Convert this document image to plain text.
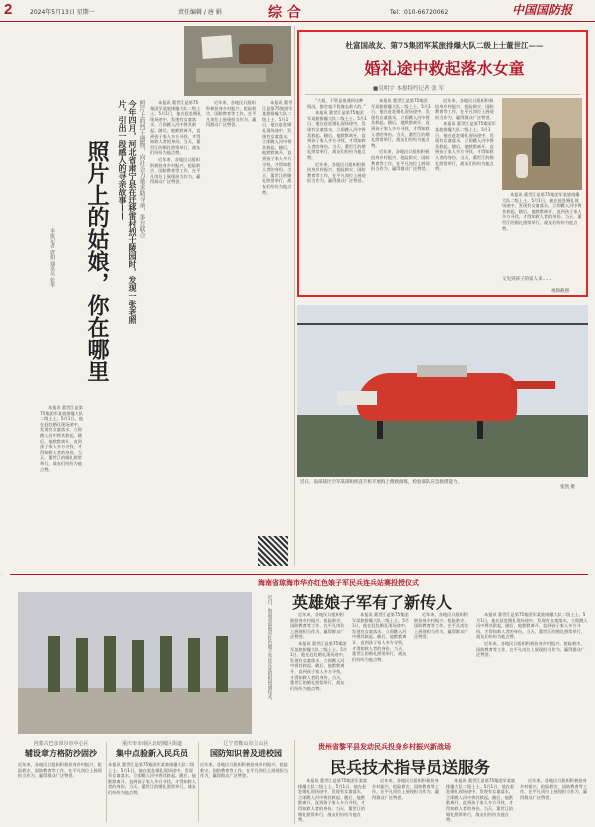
2	2024年5月13日 星期一	责任编辑 / 唐 娟	综 合	Tel：010-66720062	中国国防报
照片上的姑娘，你在哪里
今年四月，河北省肃宁县在迁移雷村烈士陵园时，发现一张老照片，引出一段感人的寻亲故事——	照片上的烈士遗物，向社会力量求助寻亲，多方联合
本报记者 唐娟 通讯员 张华

本报讯 董世江是第75集团军某旅排爆大队二级上士。5月1日，他在赶赴婚礼现场途中，发现有女童落水，立即跳入河中将其救起。随后，他默默离开，直到孩子家人多方寻找，才得知救人者的身份。当天，董世江的婚礼照常举行，战友们纷纷为他点赞。

本报讯 董世江是第75集团军某旅排爆大队二级上士。5月1日，他在赶赴婚礼现场途中，发现有女童落水，立即跳入河中将其救起。随后，他默默离开，直到孩子家人多方寻找，才得知救人者的身份。当天，董世江的婚礼照常举行，战友们纷纷为他点赞。

近年来，各地民兵组织积极投身乡村振兴、抢险救灾、国防教育等工作，在平凡岗位上展现担当作为，赢得群众广泛赞誉。

近年来，各地民兵组织积极投身乡村振兴、抢险救灾、国防教育等工作，在平凡岗位上展现担当作为，赢得群众广泛赞誉。

本报讯 董世江是第75集团军某旅排爆大队二级上士。5月1日，他在赶赴婚礼现场途中，发现有女童落水，立即跳入河中将其救起。随后，他默默离开，直到孩子家人多方寻找，才得知救人者的身份。当天，董世江的婚礼照常举行，战友们纷纷为他点赞。

杜富国战友、第75集团军某旅排爆大队二级上士董世江——
婚礼途中救起落水女童
■吴明宇 本报特约记者 张 军

“大姐，不管是谁遇到这种情况，都会毫不犹豫去救人的。”

本报讯 董世江是第75集团军某旅排爆大队二级上士。5月1日，他在赶赴婚礼现场途中，发现有女童落水，立即跳入河中将其救起。随后，他默默离开，直到孩子家人多方寻找，才得知救人者的身份。当天，董世江的婚礼照常举行，战友们纷纷为他点赞。

近年来，各地民兵组织积极投身乡村振兴、抢险救灾、国防教育等工作，在平凡岗位上展现担当作为，赢得群众广泛赞誉。

本报讯 董世江是第75集团军某旅排爆大队二级上士。5月1日，他在赶赴婚礼现场途中，发现有女童落水，立即跳入河中将其救起。随后，他默默离开，直到孩子家人多方寻找，才得知救人者的身份。当天，董世江的婚礼照常举行，战友们纷纷为他点赞。

近年来，各地民兵组织积极投身乡村振兴、抢险救灾、国防教育等工作，在平凡岗位上展现担当作为，赢得群众广泛赞誉。

近年来，各地民兵组织积极投身乡村振兴、抢险救灾、国防教育等工作，在平凡岗位上展现担当作为，赢得群众广泛赞誉。

本报讯 董世江是第75集团军某旅排爆大队二级上士。5月1日，他在赶赴婚礼现场途中，发现有女童落水，立即跳入河中将其救起。随后，他默默离开，直到孩子家人多方寻找，才得知救人者的身份。当天，董世江的婚礼照常举行，战友们纷纷为他点赞。

本报讯 董世江是第75集团军某旅排爆大队二级上士。5月1日，他在赶赴婚礼现场途中，发现有女童落水，立即跳入河中将其救起。随后，他默默离开，直到孩子家人多方寻找，才得知救人者的身份。当天，董世江的婚礼照常举行，战友们纷纷为他点赞。

又见到孩子的家人来……
视频截图
近日，南部战区空军某部组织直升机开展海上搜救演练，检验部队应急救援能力。
张凯 摄
海南省琼海市华亦红色娘子军民兵连兵站赛投授仪式
英雄娘子军有了新传人
近日，海南省琼海市红色娘子军民兵连组织授旗仪式。	近年来，各地民兵组织积极投身乡村振兴、抢险救灾、国防教育等工作，在平凡岗位上展现担当作为，赢得群众广泛赞誉。

本报讯 董世江是第75集团军某旅排爆大队二级上士。5月1日，他在赶赴婚礼现场途中，发现有女童落水，立即跳入河中将其救起。随后，他默默离开，直到孩子家人多方寻找，才得知救人者的身份。当天，董世江的婚礼照常举行，战友们纷纷为他点赞。

本报讯 董世江是第75集团军某旅排爆大队二级上士。5月1日，他在赶赴婚礼现场途中，发现有女童落水，立即跳入河中将其救起。随后，他默默离开，直到孩子家人多方寻找，才得知救人者的身份。当天，董世江的婚礼照常举行，战友们纷纷为他点赞。

近年来，各地民兵组织积极投身乡村振兴、抢险救灾、国防教育等工作，在平凡岗位上展现担当作为，赢得群众广泛赞誉。

本报讯 董世江是第75集团军某旅排爆大队二级上士。5月1日，他在赶赴婚礼现场途中，发现有女童落水，立即跳入河中将其救起。随后，他默默离开，直到孩子家人多方寻找，才得知救人者的身份。当天，董世江的婚礼照常举行，战友们纷纷为他点赞。

近年来，各地民兵组织积极投身乡村振兴、抢险救灾、国防教育等工作，在平凡岗位上展现担当作为，赢得群众广泛赞誉。

贵州省黎平县发动民兵投身乡村振兴新战场
民兵技术指导员送服务

本报讯 董世江是第75集团军某旅排爆大队二级上士。5月1日，他在赶赴婚礼现场途中，发现有女童落水，立即跳入河中将其救起。随后，他默默离开，直到孩子家人多方寻找，才得知救人者的身份。当天，董世江的婚礼照常举行，战友们纷纷为他点赞。

近年来，各地民兵组织积极投身乡村振兴、抢险救灾、国防教育等工作，在平凡岗位上展现担当作为，赢得群众广泛赞誉。

本报讯 董世江是第75集团军某旅排爆大队二级上士。5月1日，他在赶赴婚礼现场途中，发现有女童落水，立即跳入河中将其救起。随后，他默默离开，直到孩子家人多方寻找，才得知救人者的身份。当天，董世江的婚礼照常举行，战友们纷纷为他点赞。

近年来，各地民兵组织积极投身乡村振兴、抢险救灾、国防教育等工作，在平凡岗位上展现担当作为，赢得群众广泛赞誉。

内蒙古巴彦淖尔市中心区
辅设章方格防沙固沙
近年来，各地民兵组织积极投身乡村振兴、抢险救灾、国防教育等工作，在平凡岗位上展现担当作为，赢得群众广泛赞誉。
重庆市市南区北碚城区街道
集中点验新入民兵员
本报讯 董世江是第75集团军某旅排爆大队二级上士。5月1日，他在赶赴婚礼现场途中，发现有女童落水，立即跳入河中将其救起。随后，他默默离开，直到孩子家人多方寻找，才得知救人者的身份。当天，董世江的婚礼照常举行，战友们纷纷为他点赞。
辽宁省鞍山市立山区
国防知识普及进校园
近年来，各地民兵组织积极投身乡村振兴、抢险救灾、国防教育等工作，在平凡岗位上展现担当作为，赢得群众广泛赞誉。
